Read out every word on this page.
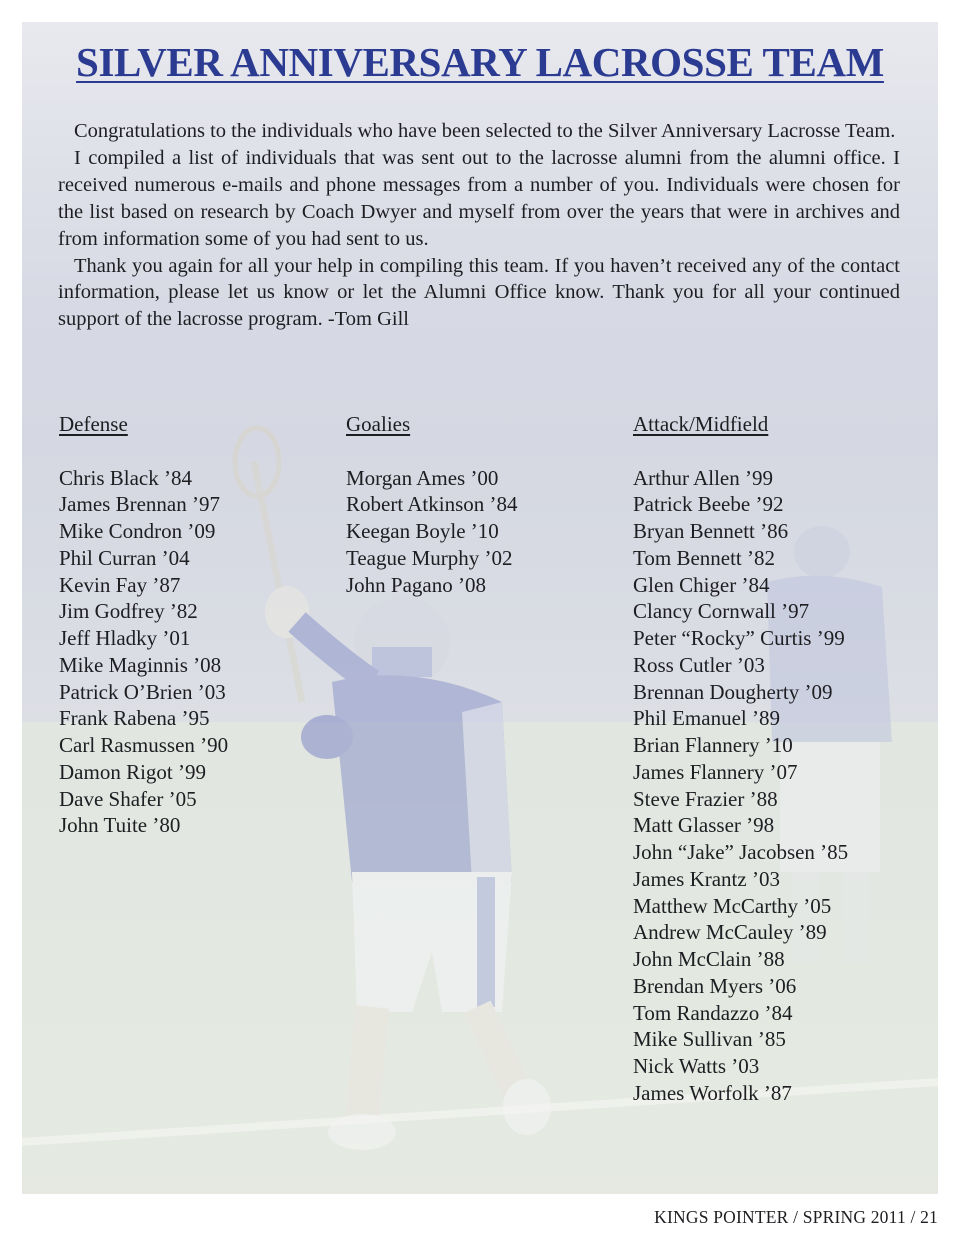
SILVER ANNIVERSARY LACROSSE TEAM

Congratulations to the individuals who have been selected to the Silver Anniversary Lacrosse Team.

I compiled a list of individuals that was sent out to the lacrosse alumni from the alumni office. I received numerous e-mails and phone messages from a number of you. Individuals were chosen for the list based on research by Coach Dwyer and myself from over the years that were in archives and from information some of you had sent to us.

Thank you again for all your help in compiling this team. If you haven’t received any of the contact information, please let us know or let the Alumni Office know. Thank you for all your continued support of the lacrosse program. -Tom Gill

Defense
Chris Black ’84
James Brennan ’97
Mike Condron ’09
Phil Curran ’04
Kevin Fay ’87
Jim Godfrey ’82
Jeff Hladky ’01
Mike Maginnis ’08
Patrick O’Brien ’03
Frank Rabena ’95
Carl Rasmussen ’90
Damon Rigot ’99
Dave Shafer ’05
John Tuite ’80
Goalies
Morgan Ames ’00
Robert Atkinson ’84
Keegan Boyle ’10
Teague Murphy ’02
John Pagano ’08
Attack/Midfield
Arthur Allen ’99
Patrick Beebe ’92
Bryan Bennett ’86
Tom Bennett ’82
Glen Chiger ’84
Clancy Cornwall ’97
Peter “Rocky” Curtis ’99
Ross Cutler ’03
Brennan Dougherty ’09
Phil Emanuel ’89
Brian Flannery ’10
James Flannery ’07
Steve Frazier ’88
Matt Glasser ’98
John “Jake” Jacobsen ’85
James Krantz ’03
Matthew McCarthy ’05
Andrew McCauley ’89
John McClain ’88
Brendan Myers ’06
Tom Randazzo ’84
Mike Sullivan ’85
Nick Watts ’03
James Worfolk ’87
KINGS POINTER / SPRING 2011 / 21
